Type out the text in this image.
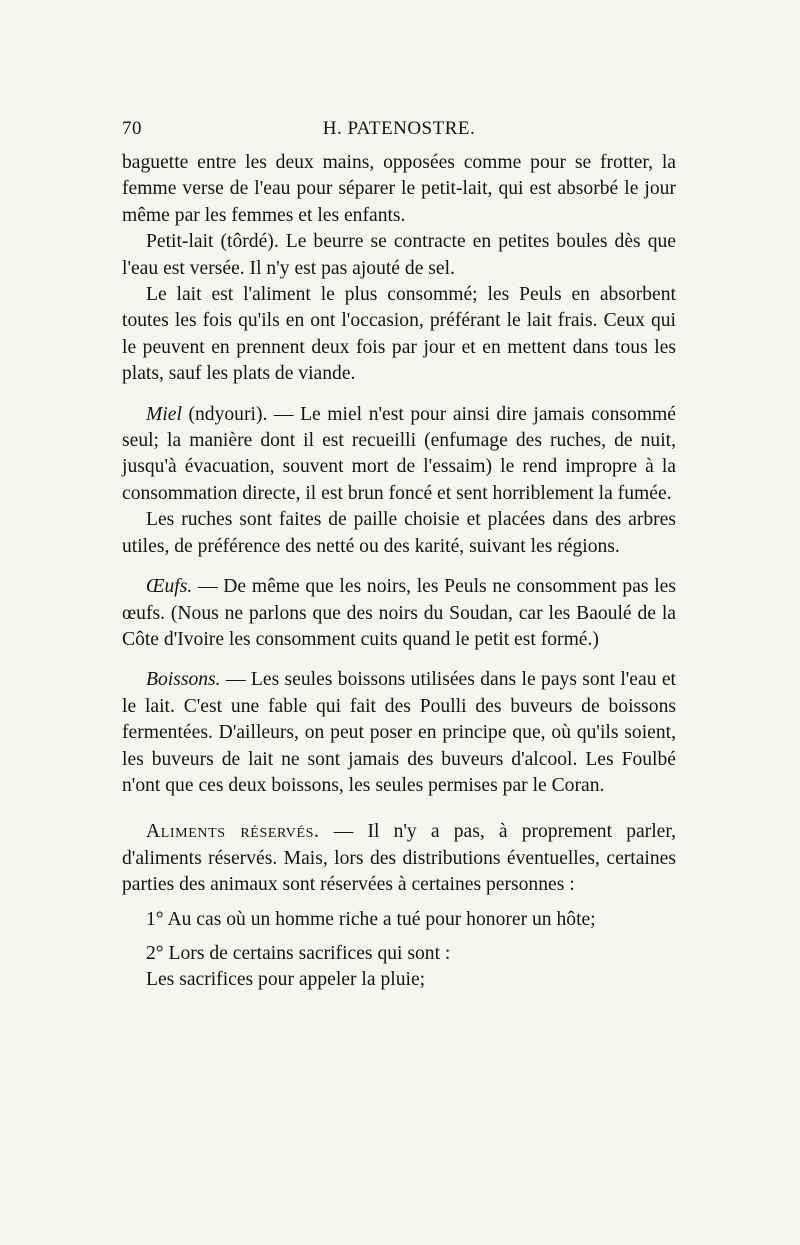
70	H. PATENOSTRE.

baguette entre les deux mains, opposées comme pour se frotter, la femme verse de l'eau pour séparer le petit-lait, qui est absorbé le jour même par les femmes et les enfants.

Petit-lait (tôrdé). Le beurre se contracte en petites boules dès que l'eau est versée. Il n'y est pas ajouté de sel.

Le lait est l'aliment le plus consommé; les Peuls en absorbent toutes les fois qu'ils en ont l'occasion, préférant le lait frais. Ceux qui le peuvent en prennent deux fois par jour et en mettent dans tous les plats, sauf les plats de viande.

Miel (ndyouri). — Le miel n'est pour ainsi dire jamais consommé seul; la manière dont il est recueilli (enfumage des ruches, de nuit, jusqu'à évacuation, souvent mort de l'essaim) le rend impropre à la consommation directe, il est brun foncé et sent horriblement la fumée.

Les ruches sont faites de paille choisie et placées dans des arbres utiles, de préférence des netté ou des karité, suivant les régions.

Œufs. — De même que les noirs, les Peuls ne consomment pas les œufs. (Nous ne parlons que des noirs du Soudan, car les Baoulé de la Côte d'Ivoire les consomment cuits quand le petit est formé.)

Boissons. — Les seules boissons utilisées dans le pays sont l'eau et le lait. C'est une fable qui fait des Poulli des buveurs de boissons fermentées. D'ailleurs, on peut poser en principe que, où qu'ils soient, les buveurs de lait ne sont jamais des buveurs d'alcool. Les Foulbé n'ont que ces deux boissons, les seules permises par le Coran.

Aliments réservés. — Il n'y a pas, à proprement parler, d'aliments réservés. Mais, lors des distributions éventuelles, certaines parties des animaux sont réservées à certaines personnes :

1° Au cas où un homme riche a tué pour honorer un hôte;

2° Lors de certains sacrifices qui sont :

Les sacrifices pour appeler la pluie;
